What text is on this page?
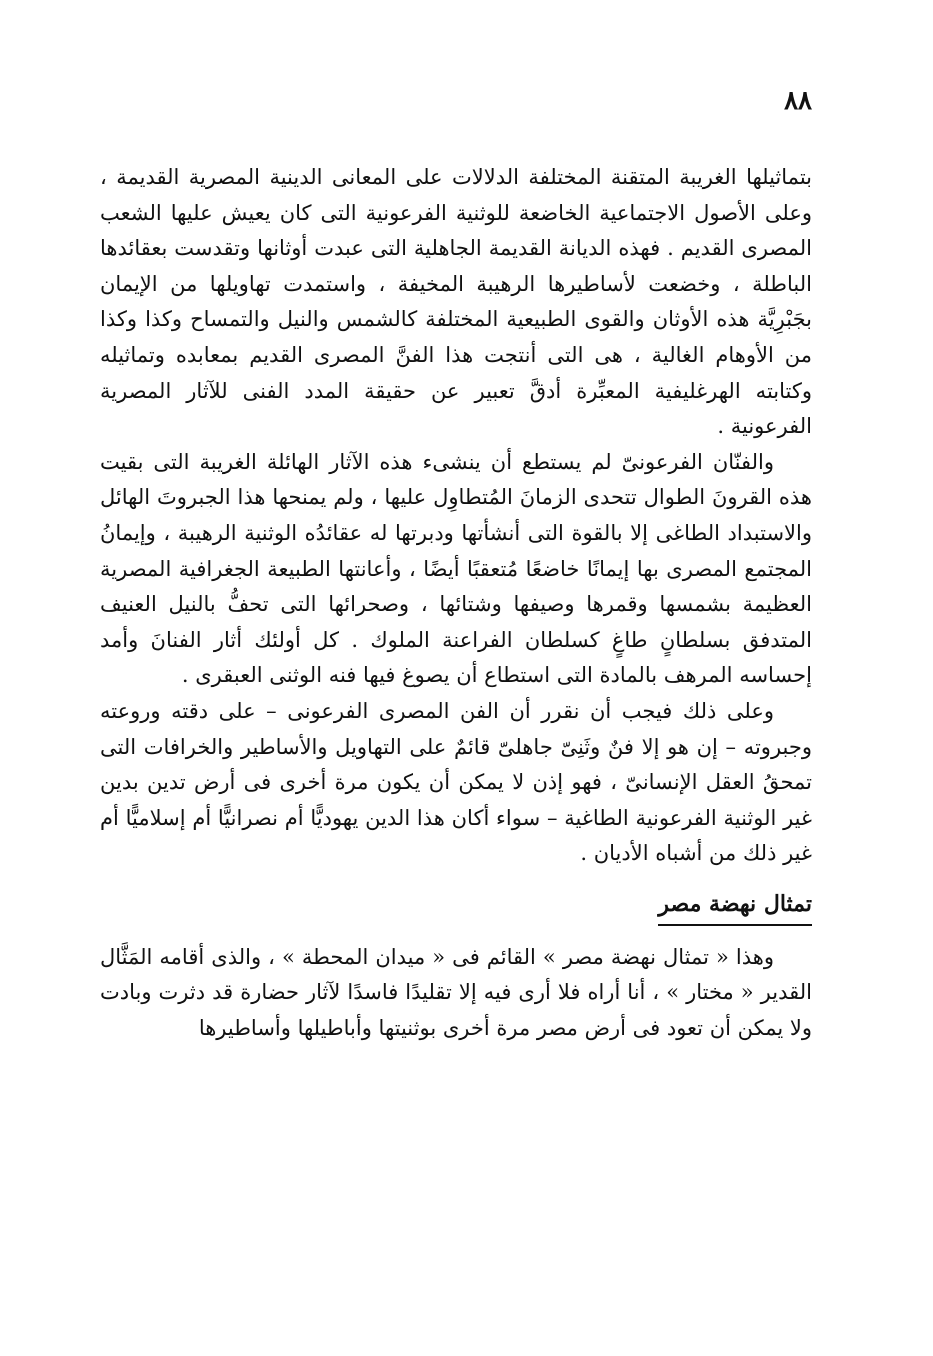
٨٨

بتماثيلها الغريبة المتقنة المختلفة الدلالات على المعانى الدينية المصرية القديمة ، وعلى الأصول الاجتماعية الخاضعة للوثنية الفرعونية التى كان يعيش عليها الشعب المصرى القديم . فهذه الديانة القديمة الجاهلية التى عبدت أوثانها وتقدست بعقائدها الباطلة ، وخضعت لأساطيرها الرهيبة المخيفة ، واستمدت تهاويلها من الإيمان بجَبْرِيَّة هذه الأوثان والقوى الطبيعية المختلفة كالشمس والنيل والتمساح وكذا وكذا من الأوهام الغالية ، هى التى أنتجت هذا الفنَّ المصرى القديم بمعابده وتماثيله وكتابته الهرغليفية المعبِّرة أدقَّ تعبير عن حقيقة المدد الفنى للآثار المصرية الفرعونية .

والفنّان الفرعونىّ لم يستطع أن ينشىء هذه الآثار الهائلة الغريبة التى بقيت هذه القرونَ الطوال تتحدى الزمانَ المُتطاوِل عليها ، ولم يمنحها هذا الجبروتَ الهائل والاستبداد الطاغى إلا بالقوة التى أنشأتها ودبرتها له عقائدُه الوثنية الرهيبة ، وإيمانُ المجتمع المصرى بها إيمانًا خاضعًا مُتعقبًا أيضًا ، وأعانتها الطبيعة الجغرافية المصرية العظيمة بشمسها وقمرها وصيفها وشتائها ، وصحرائها التى تحفُّ بالنيل العنيف المتدفق بسلطانٍ طاغٍ كسلطان الفراعنة الملوك . كل أولئك أثار الفنانَ وأمد إحساسه المرهف بالمادة التى استطاع أن يصوغ فيها فنه الوثنى العبقرى .

وعلى ذلك فيجب أن نقرر أن الفن المصرى الفرعونى – على دقته وروعته وجبروته – إن هو إلا فنٌ وثَنِىّ جاهلىّ قائمٌ على التهاويل والأساطير والخرافات التى تمحقُ العقل الإنسانىّ ، فهو إذن لا يمكن أن يكون مرة أخرى فى أرض تدين بدين غير الوثنية الفرعونية الطاغية – سواء أكان هذا الدين يهوديًّا أم نصرانيًّا أم إسلاميًّا أم غير ذلك من أشباه الأديان .

تمثال نهضة مصر

وهذا « تمثال نهضة مصر » القائم فى « ميدان المحطة » ، والذى أقامه المَثَّال القدير « مختار » ، أنا أراه فلا أرى فيه إلا تقليدًا فاسدًا لآثار حضارة قد دثرت وبادت ولا يمكن أن تعود فى أرض مصر مرة أخرى بوثنيتها وأباطيلها وأساطيرها
